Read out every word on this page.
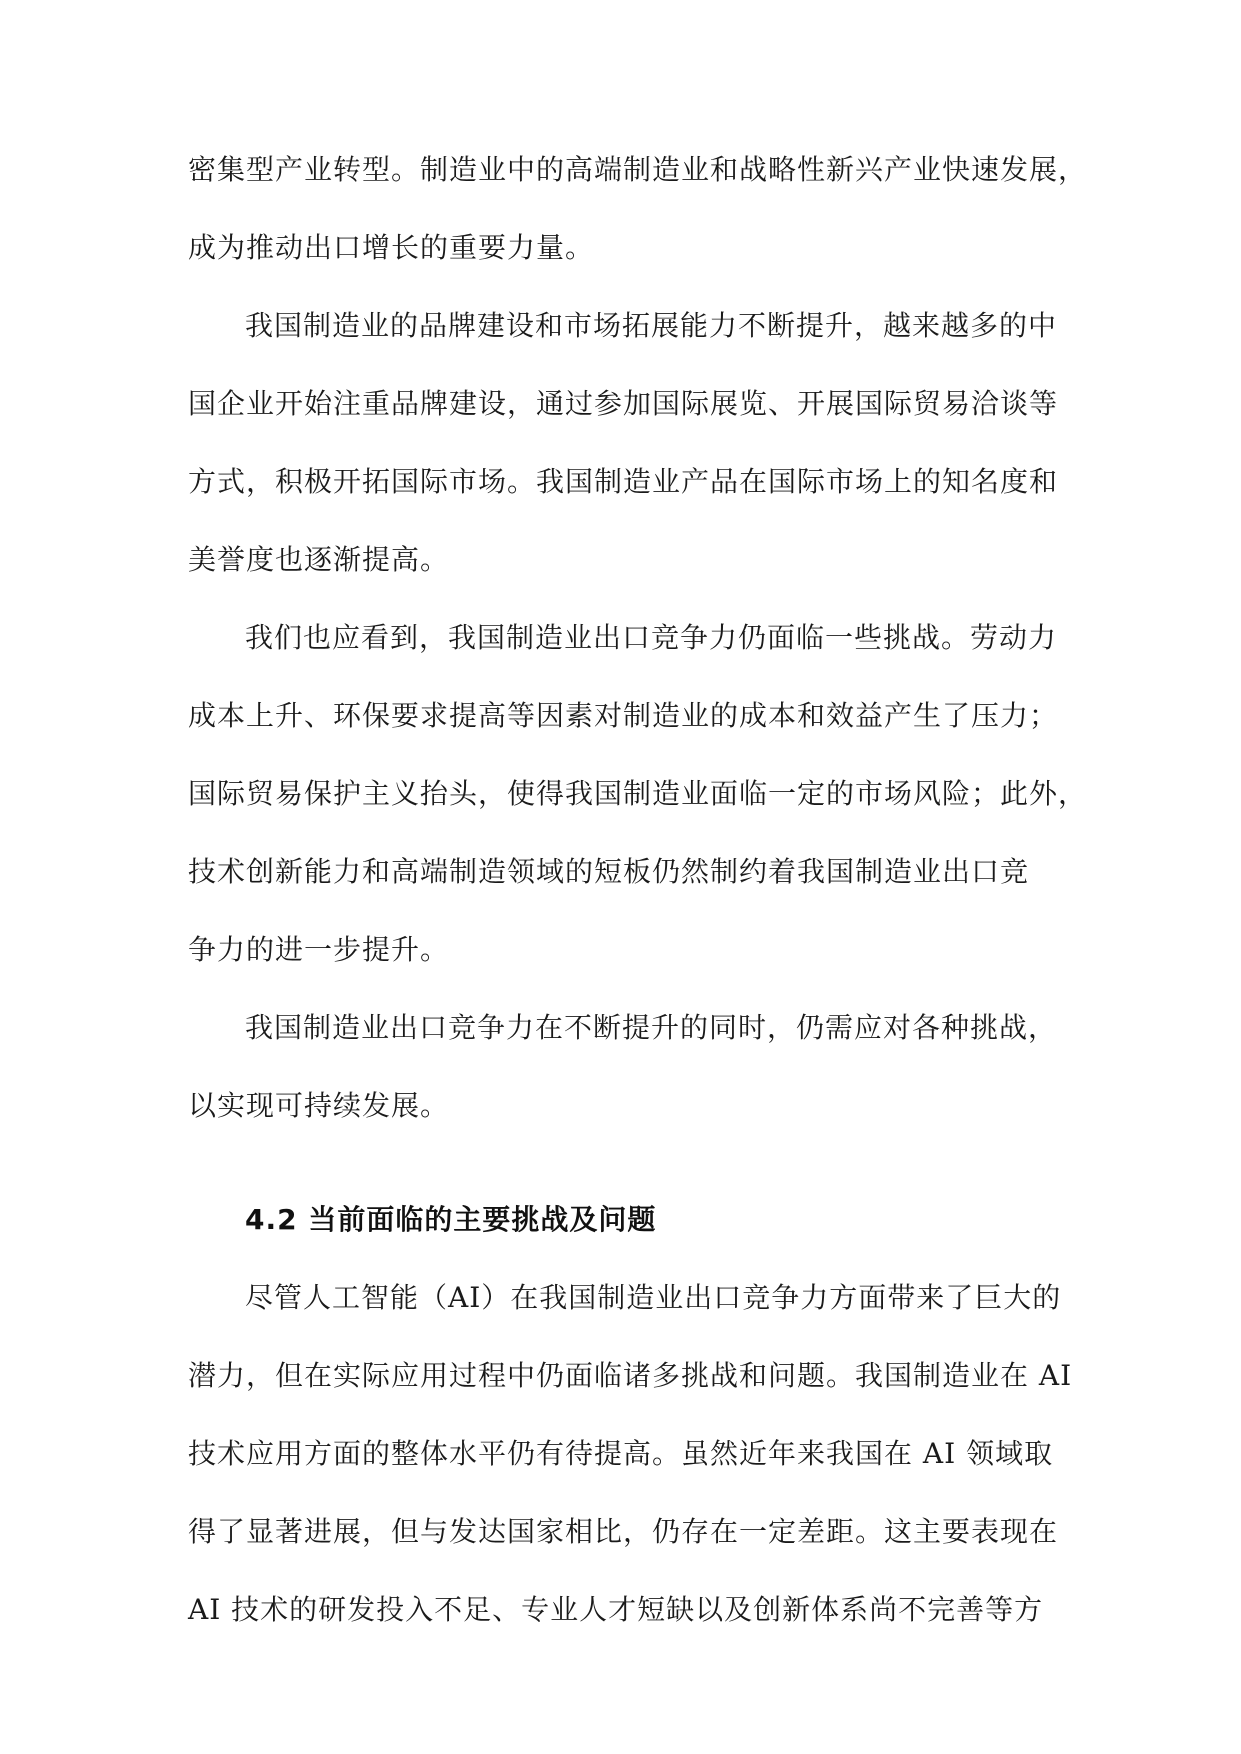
密集型产业转型。制造业中的高端制造业和战略性新兴产业快速发展，
成为推动出口增长的重要力量。
我国制造业的品牌建设和市场拓展能力不断提升，越来越多的中
国企业开始注重品牌建设，通过参加国际展览、开展国际贸易洽谈等
方式，积极开拓国际市场。我国制造业产品在国际市场上的知名度和
美誉度也逐渐提高。
我们也应看到，我国制造业出口竞争力仍面临一些挑战。劳动力
成本上升、环保要求提高等因素对制造业的成本和效益产生了压力；
国际贸易保护主义抬头，使得我国制造业面临一定的市场风险；此外，
技术创新能力和高端制造领域的短板仍然制约着我国制造业出口竞
争力的进一步提升。
我国制造业出口竞争力在不断提升的同时，仍需应对各种挑战，
以实现可持续发展。
4.2 当前面临的主要挑战及问题
尽管人工智能（AI）在我国制造业出口竞争力方面带来了巨大的
潜力，但在实际应用过程中仍面临诸多挑战和问题。我国制造业在 AI
技术应用方面的整体水平仍有待提高。虽然近年来我国在 AI 领域取
得了显著进展，但与发达国家相比，仍存在一定差距。这主要表现在
AI 技术的研发投入不足、专业人才短缺以及创新体系尚不完善等方
